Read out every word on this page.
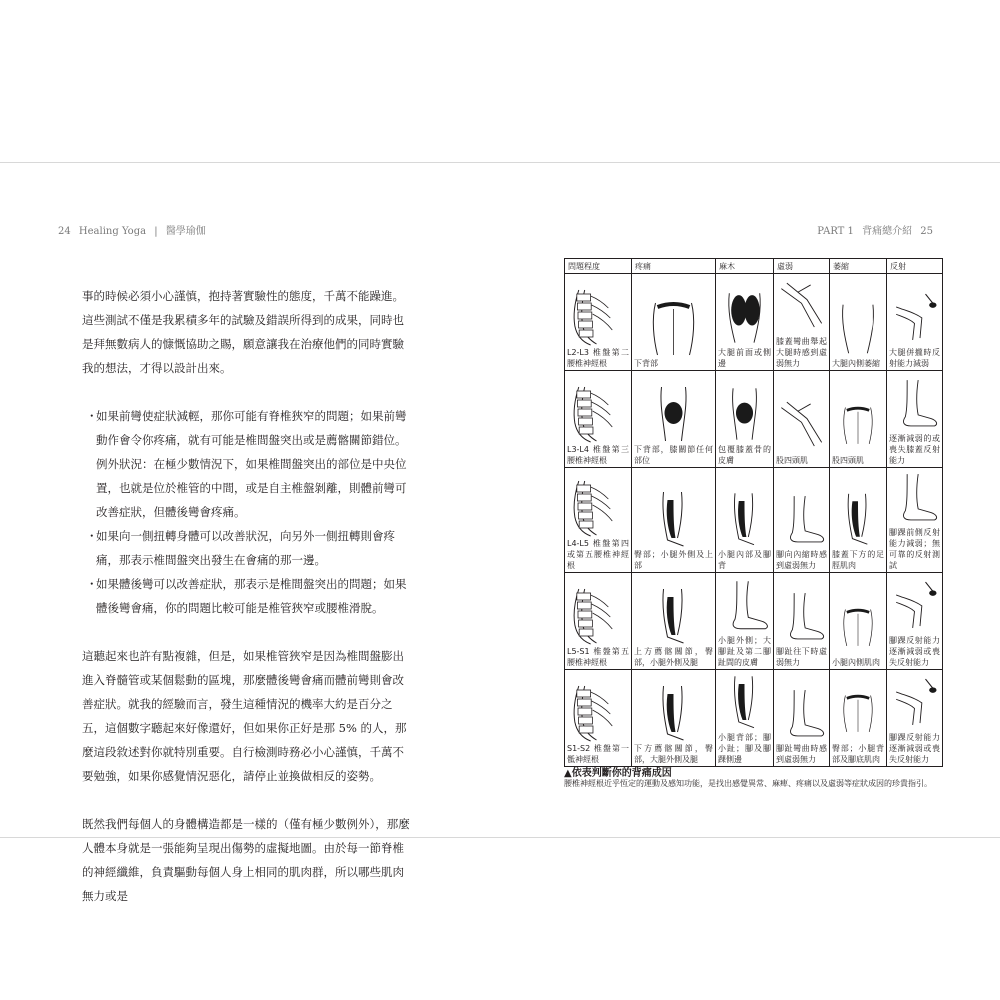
24 Healing Yoga | 醫學瑜伽	PART 1 背痛總介紹 25

事的時候必須小心謹慎，抱持著實驗性的態度，千萬不能躁進。這些測試不僅是我累積多年的試驗及錯誤所得到的成果，同時也是拜無數病人的慷慨協助之賜，願意讓我在治療他們的同時實驗我的想法，才得以設計出來。

・
如果前彎使症狀減輕，那你可能有脊椎狹窄的問題；如果前彎動作會令你疼痛，就有可能是椎間盤突出或是薦髂關節錯位。例外狀況：在極少數情況下，如果椎間盤突出的部位是中央位置，也就是位於椎管的中間，或是自主椎盤剝離，則體前彎可改善症狀，但體後彎會疼痛。
・
如果向一側扭轉身體可以改善狀況，向另外一側扭轉則會疼痛，那表示椎間盤突出發生在會痛的那一邊。
・
如果體後彎可以改善症狀，那表示是椎間盤突出的問題；如果體後彎會痛，你的問題比較可能是椎管狹窄或腰椎滑脫。

這聽起來也許有點複雜，但是，如果椎管狹窄是因為椎間盤膨出進入脊髓管或某個鬆動的區塊，那麼體後彎會痛而體前彎則會改善症狀。就我的經驗而言，發生這種情況的機率大約是百分之五，這個數字聽起來好像還好，但如果你正好是那 5% 的人，那麼這段敘述對你就特別重要。自行檢測時務必小心謹慎，千萬不要勉強，如果你感覺情況惡化，請停止並換做相反的姿勢。

既然我們每個人的身體構造都是一樣的（僅有極少數例外），那麼人體本身就是一張能夠呈現出傷勢的虛擬地圖。由於每一節脊椎的神經纖維，負責驅動每個人身上相同的肌肉群，所以哪些肌肉無力或是

問題程度	疼痛	麻木	虛弱	萎縮	反射

L2-L3 椎盤第二腰椎神經根	下背部	大腿前面或側邊	膝蓋彎曲舉起大腿時感到虛弱無力	大腿內側萎縮	大腿併攏時反射能力減弱

L3-L4 椎盤第三腰椎神經根	下背部，膝關節任何部位	包覆膝蓋骨的皮膚	股四頭肌	股四頭肌	逐漸減弱的或喪失膝蓋反射能力

L4-L5 椎盤第四或第五腰椎神經根	臀部；小腿外側及上部	小腿內部及腳背	腳向內縮時感到虛弱無力	膝蓋下方的足脛肌肉	腳踝前側反射能力減弱；無可靠的反射測試

L5-S1 椎盤第五腰椎神經根	上方薦髂關節，臀部，小腿外側及腿	小腿外側；大腳趾及第二腳趾間的皮膚	腳趾往下時虛弱無力	小腿內側肌肉	腳踝反射能力逐漸減弱或喪失反射能力

S1-S2 椎盤第一骶神經根	下方薦髂關節，臀部，大腿外側及腿	小腿背部；腳小趾；腳及腳踝側邊	腳趾彎曲時感到虛弱無力	臀部；小腿背部及腳底肌肉	腳踝反射能力逐漸減弱或喪失反射能力
▲依表判斷你的背痛成因
腰椎神經根近乎恆定的運動及感知功能，是找出感覺異常、麻痺、疼痛以及虛弱等症狀成因的珍貴指引。
